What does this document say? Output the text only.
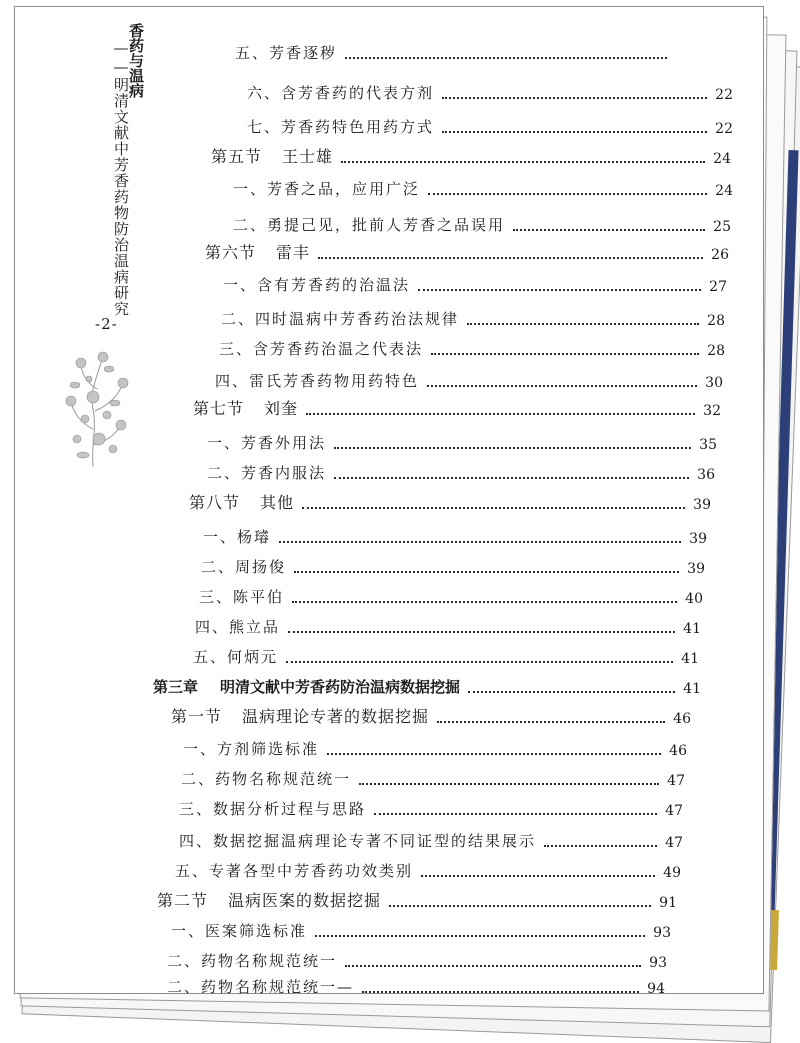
香药与温病
——明清文献中芳香药物防治温病研究
-2-
五、芳香逐秽
六、含芳香药的代表方剂	22
七、芳香药特色用药方式	22
第五节 王士雄	24
一、芳香之品，应用广泛	24
二、勇提己见，批前人芳香之品误用	25
第六节 雷丰	26
一、含有芳香药的治温法	27
二、四时温病中芳香药治法规律	28
三、含芳香药治温之代表法	28
四、雷氏芳香药物用药特色	30
第七节 刘奎	32
一、芳香外用法	35
二、芳香内服法	36
第八节 其他	39
一、杨璿	39
二、周扬俊	39
三、陈平伯	40
四、熊立品	41
五、何炳元	41
第三章 明清文献中芳香药防治温病数据挖掘	41
第一节 温病理论专著的数据挖掘	46
一、方剂筛选标准	46
二、药物名称规范统一	47
三、数据分析过程与思路	47
四、数据挖掘温病理论专著不同证型的结果展示	47
五、专著各型中芳香药功效类别	49
第二节 温病医案的数据挖掘	91
一、医案筛选标准	93
二、药物名称规范统一	93
二、药物名称规范统一—	94
